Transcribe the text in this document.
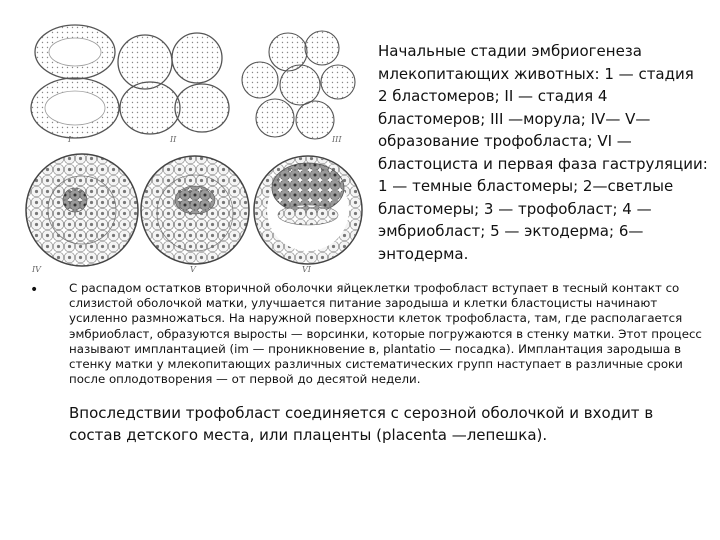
I	II	III
IV	V	VI

Начальные стадии эмбриогенеза млекопитающих животных: 1 — стадия 2 бластомеров; II — стадия 4 бластомеров; III —морула; IV— V— образование трофобласта; VI — бластоциста и первая фаза гаструляции: 1 — темные бластомеры; 2—светлые бластомеры; 3 — трофобласт; 4 — эмбриобласт; 5 — эктодерма; 6— энтодерма.

•	С распадом остатков вторичной оболочки яйцеклетки трофобласт вступает в тесный контакт со слизистой оболочкой матки, улучшается питание зародыша и клетки бластоцисты начинают усиленно размножаться. На наружной поверхности клеток трофобласта, там, где располагается эмбриобласт, образуются выросты — ворсинки, которые погружаются в стенку матки. Этот процесс называют имплантацией (im — проникновение в, plantatio — посадка). Имплантация зародыша в стенку матки у млекопитающих различных систематических групп наступает в различные сроки после оплодотворения — от первой до десятой недели.

Впоследствии трофобласт соединяется с серозной оболочкой и входит в состав детского места, или плаценты (placenta —лепешка).
